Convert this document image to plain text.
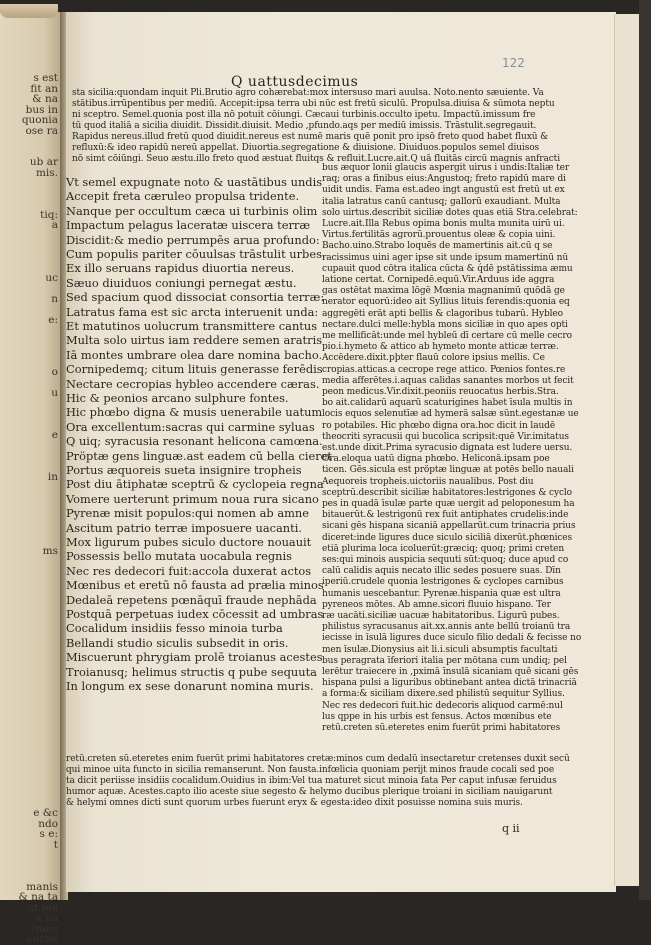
s est
fit an
& na
bus in
quonia
ose ra
ub ar
mis.
tiq:
a
uc
n
e:
o
u
e
in
ms
e &c
ndo
s e:
t
manis
& na ta
ut pla
a ila
trans
auctis
122
Q uattusdecimus
q ii
sta sicilia:quondam inquit Pli.Brutio agro cohærebat:mox intersuso mari auulsa. Noto.nento sæuiente. Va
stātibus.irrūpentibus per mediū. Accepit:ipsa terra ubi nūc est fretū siculū. Propulsa.diuisa & sūmota neptu
ni sceptro. Semel.quonia post illa nō potuit cōiungi. Cæcaui turbinis.occulto ipetu. Impactū.imissum fre
tū quod italiā a sicilia diuidit. Dissidit.diuisit. Medio ,pfundo.aqs per mediū imissis. Trāstulit.segregauit.
Rapidus nereus.illud fretū quod diuidit.nereus est numē maris quē ponit pro ipsō freto quod habet fluxū &
refluxū:& ideo rapidū nereū appellat. Diuortia.segregatione & diuisione. Diuiduos.populos semel diuisos
nō simt cōiūngi. Seuo æstu.illo freto quod æstuat fluitqs & refluit.Lucre.ait.Q uā fluitās circū magnis anfracti
Vt semel expugnate noto & uastātibus undis
Accepit freta cæruleo propulsa tridente.
Nanque per occultum cæca ui turbinis olim
Impactum pelagus laceratæ uiscera terræ
Discidit:& medio perrumpēs arua profundo:
Cum populis pariter cōuulsas trāstulit urbes.
Ex illo seruans rapidus diuortia nereus.
Sæuo diuiduos coniungi pernegat æstu.
Sed spacium quod dissociat consortia terræ:
Latratus fama est sic arcta interuenit unda:
Et matutinos uolucrum transmittere cantus
Multa solo uirtus iam reddere semen aratris
Iā montes umbrare olea dare nomina bacho.
Cornipedemq; citum lituis generasse ferēdis
Nectare cecropias hybleo accendere cæras.
Hic & peonios arcano sulphure fontes.
Hic phœbo digna & musis uenerabile uatum
Ora excellentum:sacras qui carmine syluas
Q uiq; syracusia resonant helicona camœna.
Pröptæ gens linguæ.ast eadem cū bella cieret
Portus æquoreis sueta insignire tropheis
Post diu ātiphatæ sceptrū & cyclopeia regna
Vomere uerterunt primum noua rura sicano
Pyrenæ misit populos:qui nomen ab amne
Ascitum patrio terræ imposuere uacanti.
Mox ligurum pubes siculo ductore nouauit
Possessis bello mutata uocabula regnis
Nec res dedecori fuit:accola duxerat actos
Mœnibus et eretū nō fausta ad prælia minos
Dedaleā repetens pœnāquī fraude nephāda
Postquā perpetuas iudex cōcessit ad umbras
Cocalidum insidiis fesso minoia turba
Bellandi studio siculis subsedit in oris.
Miscuerunt phrygiam prolē troianus acestes
Troianusq; helimus structis q pube sequuta
In longum ex sese donarunt nomina muris.
bus æquor lonii glaucis aspergit uirus i undis:Italiæ ter
raq; oras a finibus eius:Angustoq; freto rapidū mare di
uidit undis. Fama est.adeo ingt angustū est fretū ut ex
italia latratus canū cantusq; gallorū exaudiant. Multa
solo uirtus.describit siciliæ dotes quas etiā Stra.celebrat:
Lucre.ait.Illa Rebus opima bonis multa munita uirū ui.
Virtus.fertilitās agrorū.prouentus oleæ & copia uini.
Bacho.uino.Strabo loquēs de mamertinis ait.cū q se
racissimus uini ager ipse sit unde ipsum mamertinū nū
cupauit quod cōtra italica cūcta & q́dē pstātissima æmu
latione certat. Cornipedē.equū.Vir.Arduus ide aggra
gas ostētat maxima lōgē Mœnia magnanimū quōdā ge
nerator equorū:ideo ait Syllius lituis ferendis:quonia eq
aggregēti erāt apti bellis & clagoribus tubarū. Hybleo
nectare.dulci melle:hybla mons siciliæ in quo apes opti
me mellificāt:unde mel hybleū dī certare cū melle cecro
pio.i.hymeto & attico ab hymeto monte atticæ terræ.
Accēdere.dixit.pþter flauū colore ipsius mellis. Ce
cropias.atticas.a cecrope rege attico. Pœnios fontes.re
media afferētes.i.aquas calidas sanantes morbos ut fecit
peon medicus.Vir.dixit.peoniis reuocatus herbis.Stra.
bo ait.calidarū aquarū scaturigines habet īsula multis in
locis equos selenutīæ ad hymerā salsæ sūnt.egestanæ ue
ro potabiles. Hic phœbo digna ora.hoc dicit in laudē
theocriti syracusii qui bucolica scripsit:quē Vir.imitatus
est.unde dixit.Prima syracusio dignata est ludere uersu.
Ora.eloqua uatū digna phœbo. Heliconā.ipsam poe
ticen. Gēs.sicula est pröptæ linguæ at potēs bello nauali
Aequoreis tropheis.uictoriis naualibus. Post diu
sceptrū.describit siciliæ habitatores:lestrigones & cyclo
pes in quadā īsulæ parte quæ uergit ad peloponesum ha
bitauerūt.& lestrigonū rex fuit antiphates crudelis:inde
sicani gēs hispana sicaniā appellarūt.cum trinacria prius
diceret:inde ligures duce siculo siciliā dixerūt.phœnices
etiā plurima loca icoluerūt:græciq; quoq; primi creten
ses:qui minois auspicia sequuti sūt:quoq; duce apud co
calū calidis aquis necato illic sedes posuere suas. Dīn
iperiū.crudele quonia lestrigones & cyclopes carnibus
humanis uescebantur. Pyrenæ.hispania quæ est ultra
pyreneos mōtes. Ab amne.sicori fluuio hispano. Ter
ræ uacāti.siciliæ uacuæ habitatoribus. Ligurū pubes.
philistus syracusanus ait.xx.annis ante bellū troianū tra
iecisse in īsulā ligures duce siculo filio dedali & fecisse no
men īsulæ.Dionysius ait li.i.siculi absumptis facultati
bus peragrata īferiori italia per mōtana cum undiq; pel
lerētur traiecere in ,pximā īnsulā sicaniam quē sicani gēs
hispana pulsi a liguribus obtinebant antea dictā trinacriā
a forma:& siciliam dixere.sed philistū sequitur Syllius.
Nec res dedecori fuit.hic dedecoris aliquod carmē:nul
lus qppe in his urbis est fensus. Actos mœnibus ete
retū.creten sū.eteretes enim fuerūt primi habitatores
retū.creten sū.eteretes enim fuerūt primi habitatores cretæ:minos cum dedalū insectaretur cretenses duxit secū
qui minoe uita functo in sicilia remanserunt. Non fausta.infœlicia quoniam perijt minos fraude cocali sed poe
ta dicit periisse insidiis cocalidum.Ouidius in ibim:Vel tua maturet sicut minoia fata Per caput infusæ feruidus
humor aquæ. Acestes.capto ilio aceste siue segesto & helymo ducibus plerique troiani in siciliam nauigarunt
& helymi omnes dicti sunt quorum urbes fuerunt eryx & egesta:ideo dixit posuisse nomina suis muris.
